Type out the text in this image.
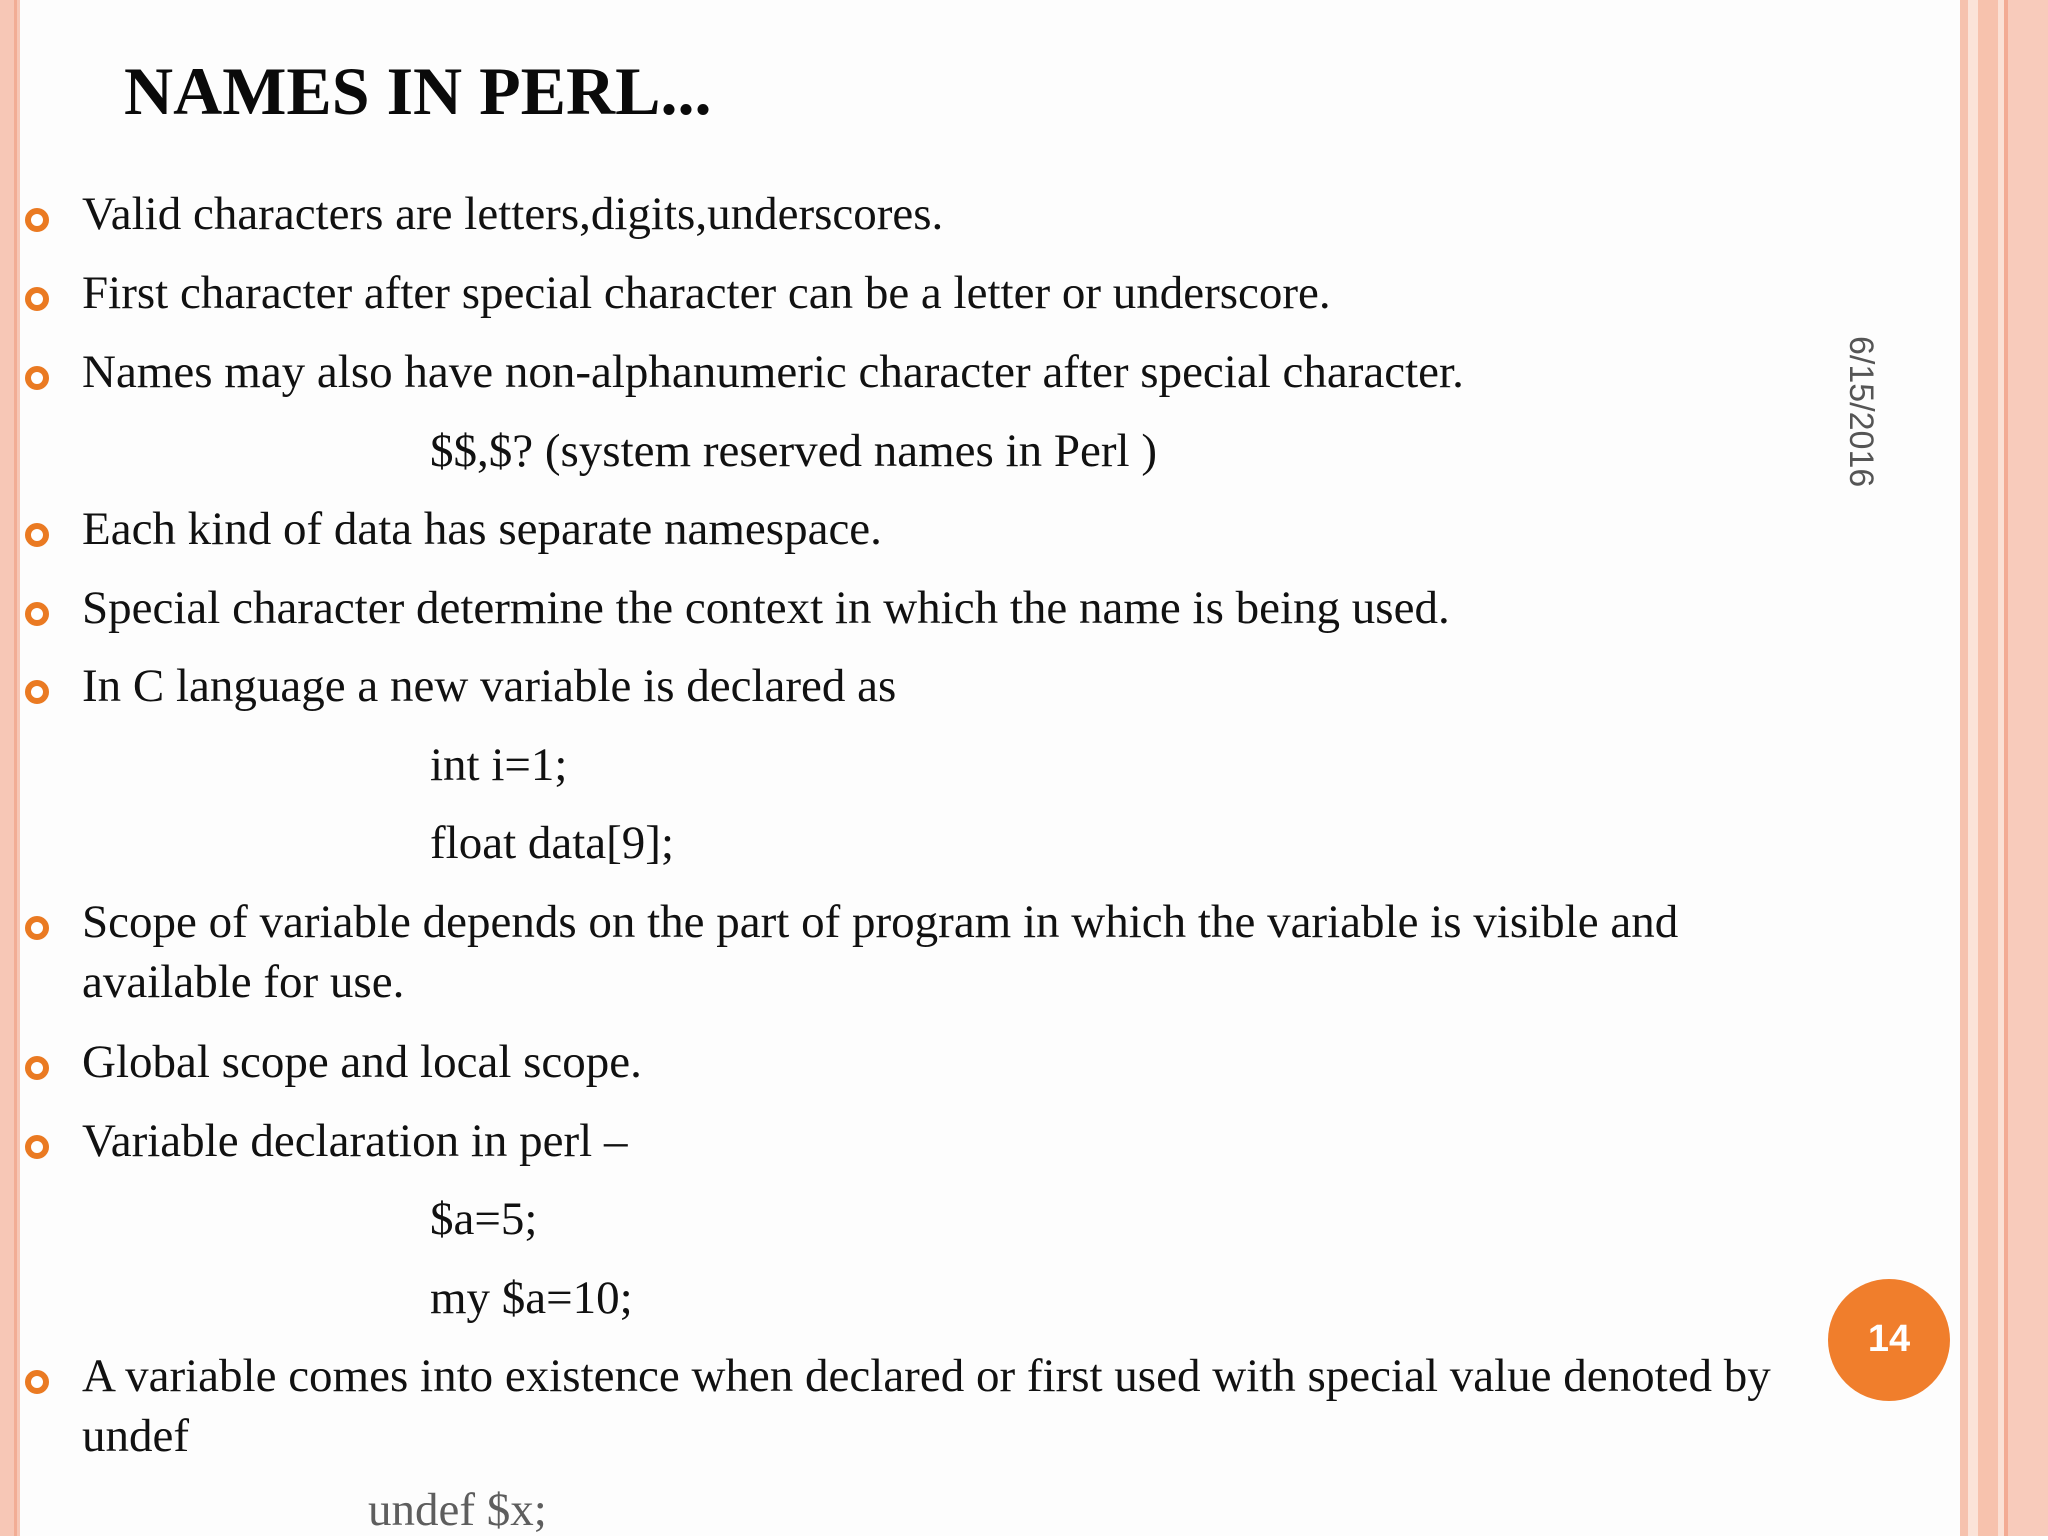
NAMES IN PERL...
6/15/2016
Valid characters are letters,digits,underscores.
First character after special character can be a letter or underscore.
Names may also have non-alphanumeric character after special character.
$$,$? (system reserved names in Perl )
Each kind of data has separate namespace.
Special character determine the context in which the name is being used.
In C language a new variable is declared as
int i=1;
float data[9];
Scope of variable depends on the part of program in which the variable is visible and
available for use.
Global scope and local scope.
Variable declaration in perl –
$a=5;
my $a=10;
14
A variable comes into existence when declared or first used with special value denoted by
undef
undef $x;
